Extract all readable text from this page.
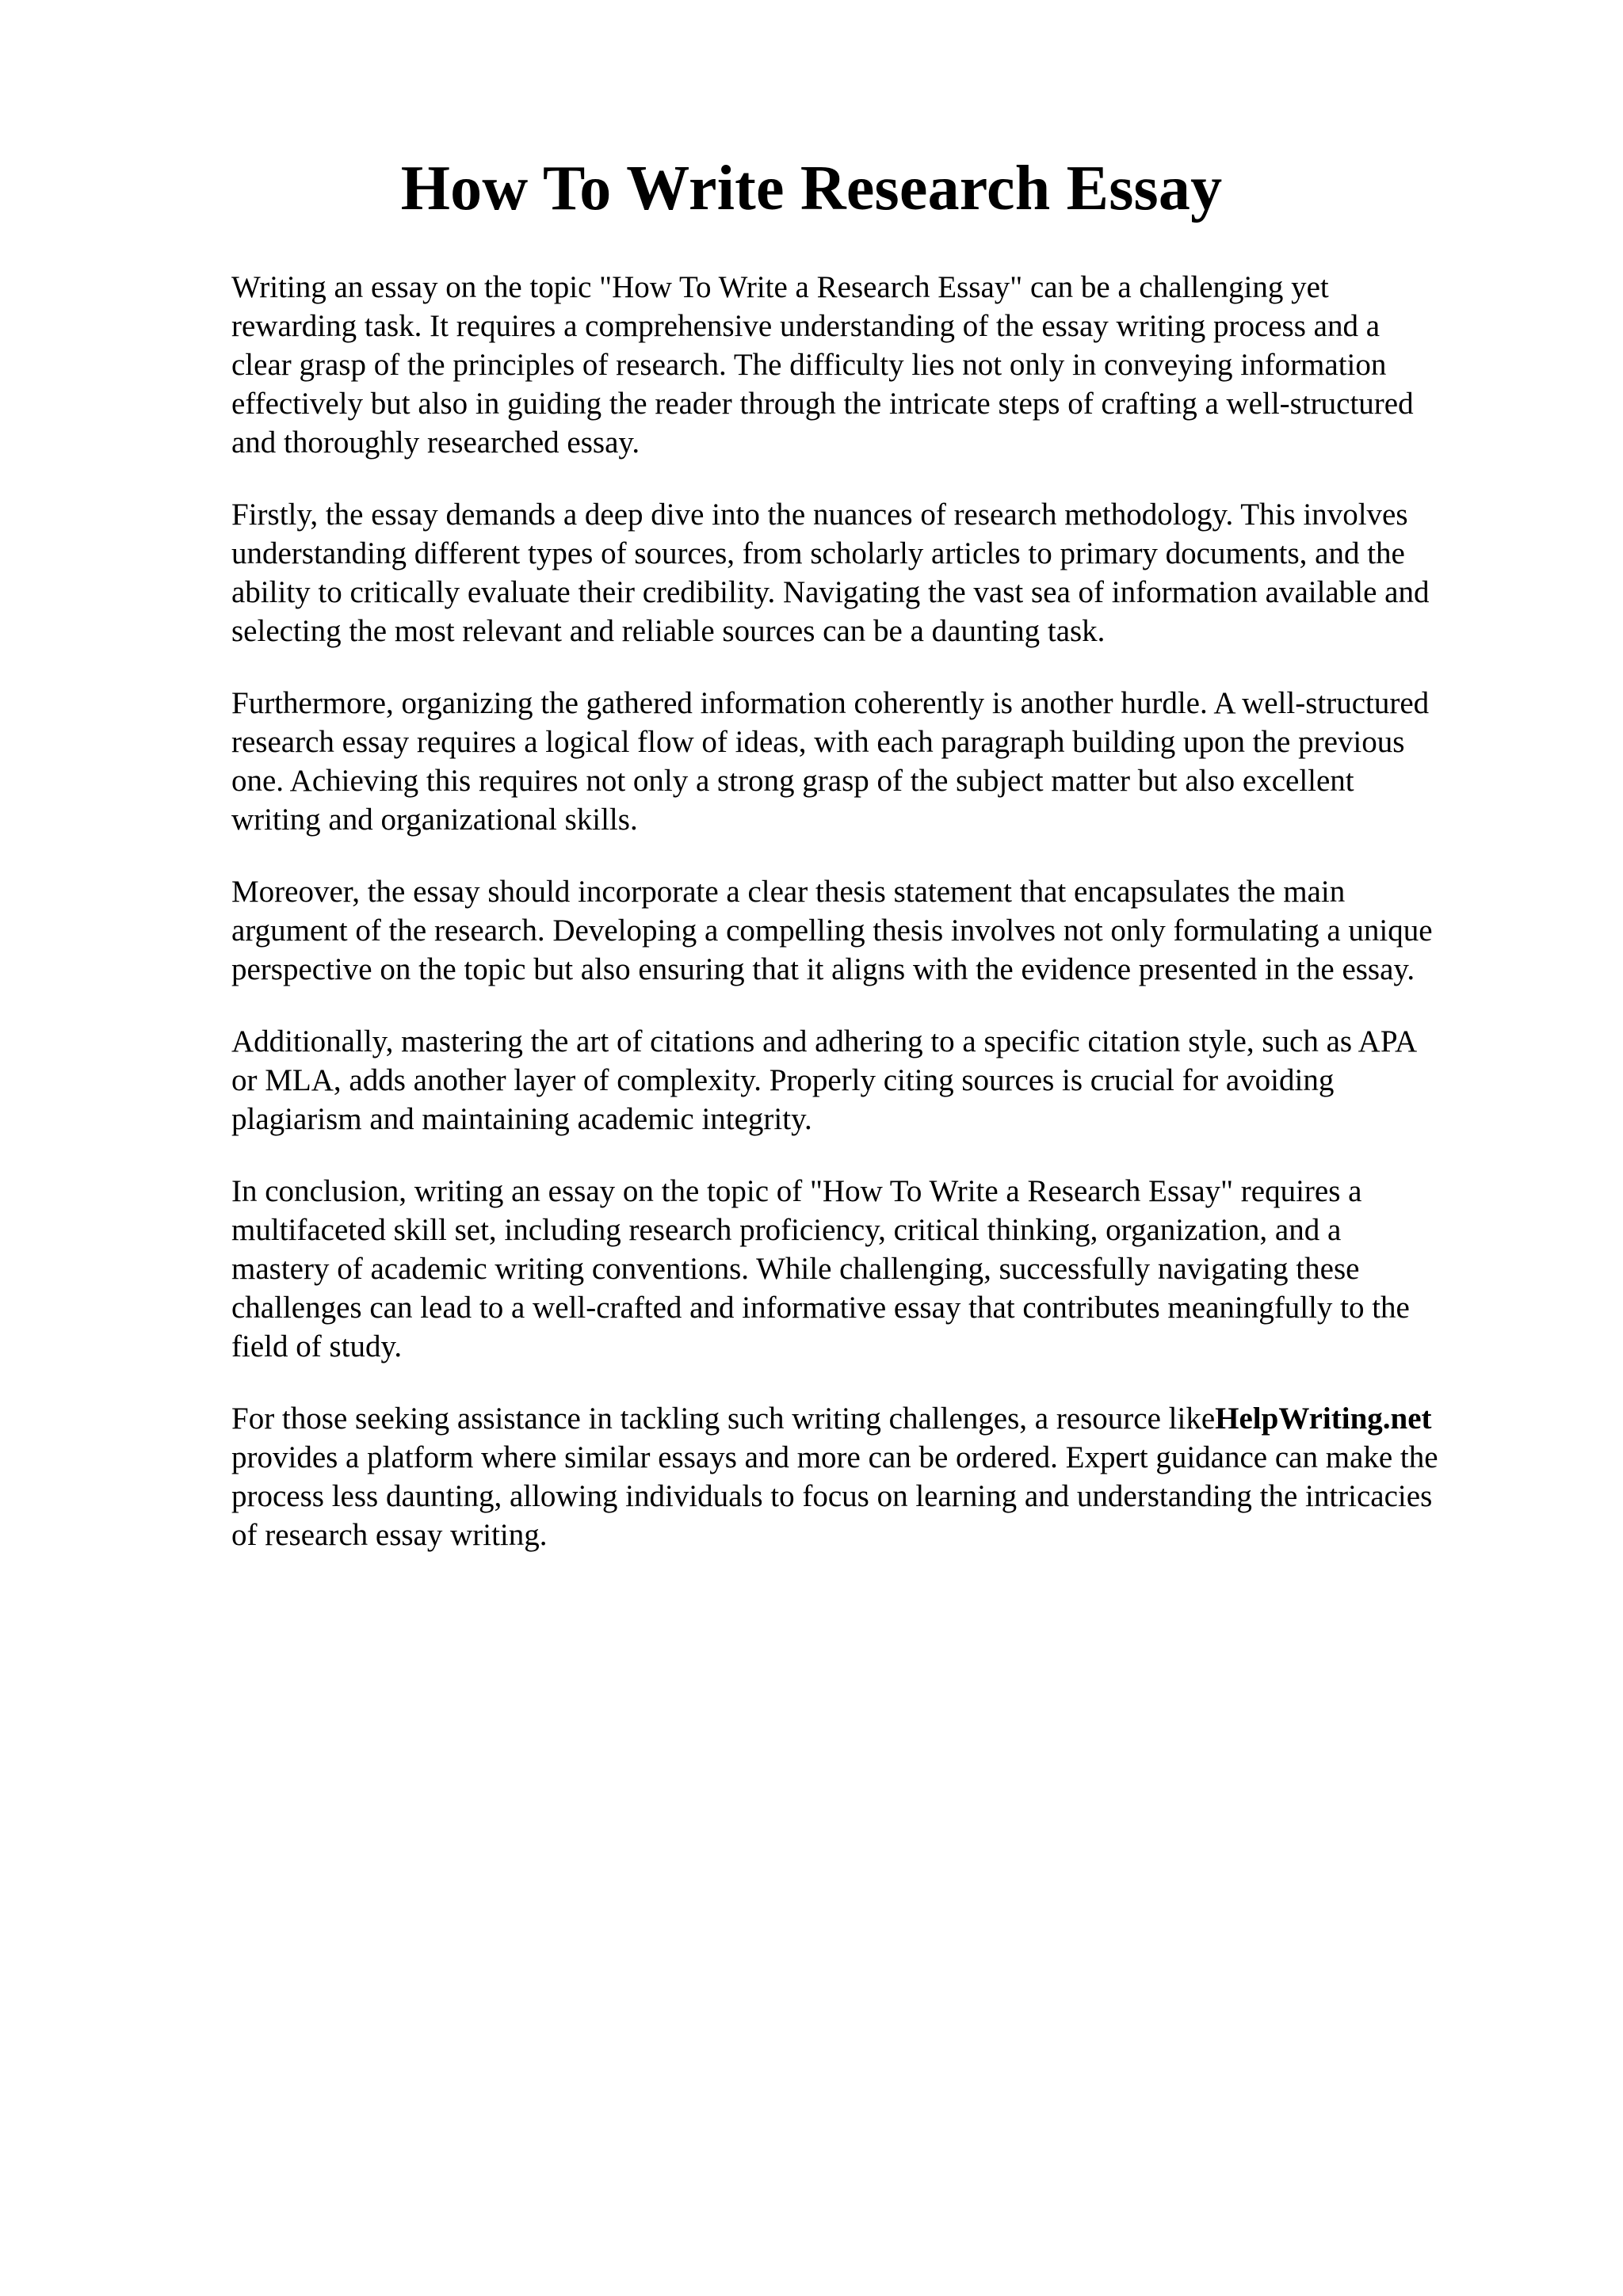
How To Write Research Essay

Writing an essay on the topic "How To Write a Research Essay" can be a challenging yet
rewarding task. It requires a comprehensive understanding of the essay writing process and a
clear grasp of the principles of research. The difficulty lies not only in conveying information
effectively but also in guiding the reader through the intricate steps of crafting a well-structured
and thoroughly researched essay.

Firstly, the essay demands a deep dive into the nuances of research methodology. This involves
understanding different types of sources, from scholarly articles to primary documents, and the
ability to critically evaluate their credibility. Navigating the vast sea of information available and
selecting the most relevant and reliable sources can be a daunting task.

Furthermore, organizing the gathered information coherently is another hurdle. A well-structured
research essay requires a logical flow of ideas, with each paragraph building upon the previous
one. Achieving this requires not only a strong grasp of the subject matter but also excellent
writing and organizational skills.

Moreover, the essay should incorporate a clear thesis statement that encapsulates the main
argument of the research. Developing a compelling thesis involves not only formulating a unique
perspective on the topic but also ensuring that it aligns with the evidence presented in the essay.

Additionally, mastering the art of citations and adhering to a specific citation style, such as APA
or MLA, adds another layer of complexity. Properly citing sources is crucial for avoiding
plagiarism and maintaining academic integrity.

In conclusion, writing an essay on the topic of "How To Write a Research Essay" requires a
multifaceted skill set, including research proficiency, critical thinking, organization, and a
mastery of academic writing conventions. While challenging, successfully navigating these
challenges can lead to a well-crafted and informative essay that contributes meaningfully to the
field of study.

For those seeking assistance in tackling such writing challenges, a resource likeHelpWriting.net
provides a platform where similar essays and more can be ordered. Expert guidance can make the
process less daunting, allowing individuals to focus on learning and understanding the intricacies
of research essay writing.
